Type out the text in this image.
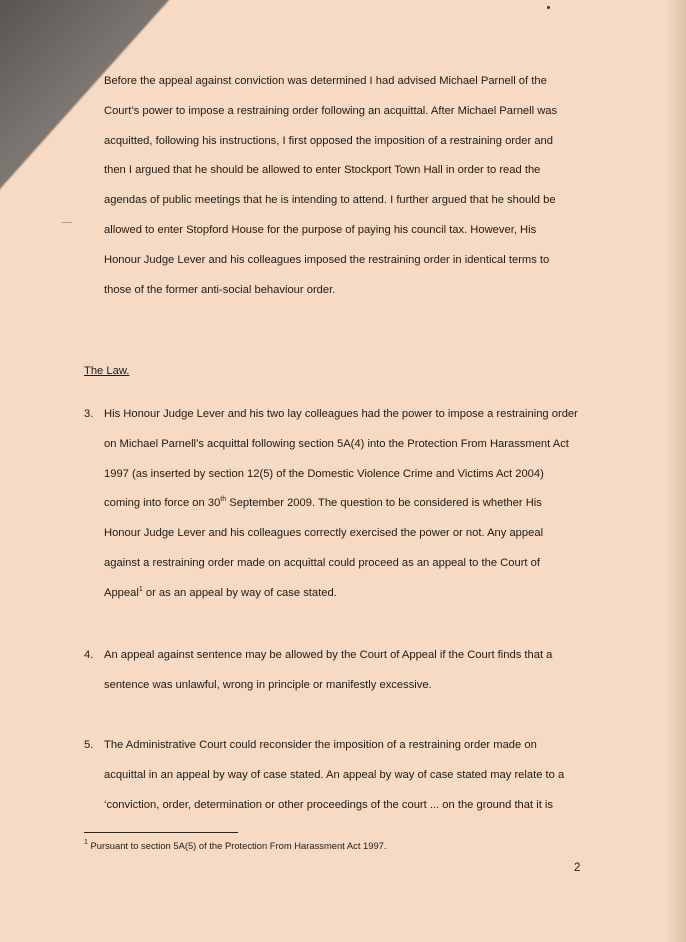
Before the appeal against conviction was determined I had advised Michael Parnell of the
Court’s power to impose a restraining order following an acquittal. After Michael Parnell was
acquitted, following his instructions, I first opposed the imposition of a restraining order and
then I argued that he should be allowed to enter Stockport Town Hall in order to read the
agendas of public meetings that he is intending to attend. I further argued that he should be
allowed to enter Stopford House for the purpose of paying his council tax. However, His
Honour Judge Lever and his colleagues imposed the restraining order in identical terms to
those of the former anti-social behaviour order.
The Law.
3. His Honour Judge Lever and his two lay colleagues had the power to impose a restraining order
on Michael Parnell’s acquittal following section 5A(4) into the Protection From Harassment Act
1997 (as inserted by section 12(5) of the Domestic Violence Crime and Victims Act 2004)
coming into force on 30th September 2009. The question to be considered is whether His
Honour Judge Lever and his colleagues correctly exercised the power or not. Any appeal
against a restraining order made on acquittal could proceed as an appeal to the Court of
Appeal$^1$ or as an appeal by way of case stated.
4. An appeal against sentence may be allowed by the Court of Appeal if the Court finds that a
sentence was unlawful, wrong in principle or manifestly excessive.
5. The Administrative Court could reconsider the imposition of a restraining order made on
acquittal in an appeal by way of case stated. An appeal by way of case stated may relate to a
‘conviction, order, determination or other proceedings of the court ... on the ground that it is
$^1$ Pursuant to section 5A(5) of the Protection From Harassment Act 1997.
2
